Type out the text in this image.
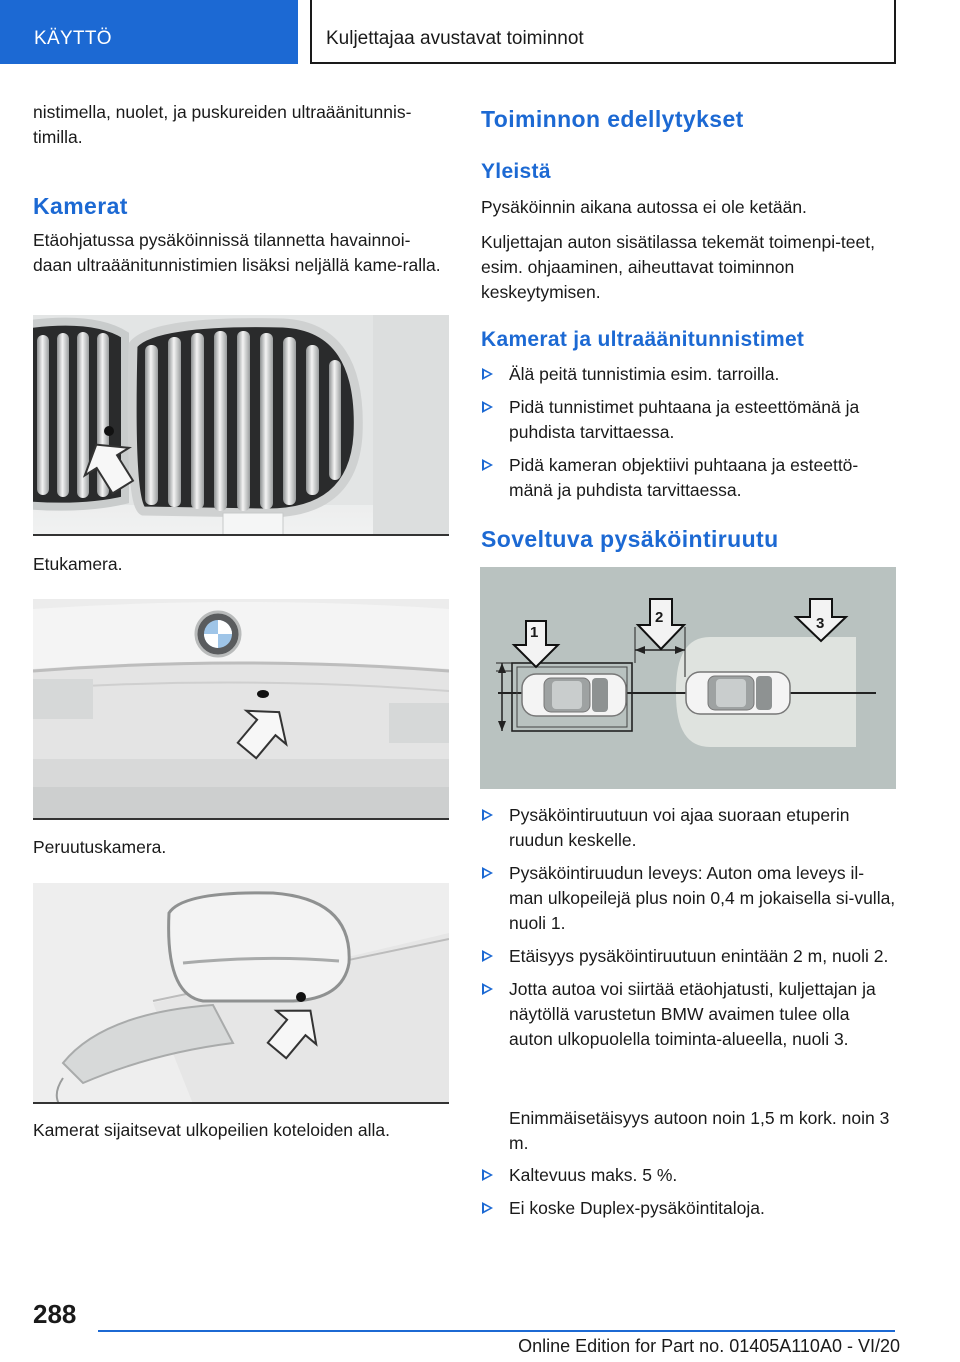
KÄYTTÖ	Kuljettajaa avustavat toiminnot

nistimella, nuolet, ja puskureiden ultraäänitunnis-timilla.

Kamerat

Etäohjatussa pysäköinnissä tilannetta havainnoi-daan ultraäänitunnistimien lisäksi neljällä kame-ralla.

Etukamera.
Peruutuskamera.
Kamerat sijaitsevat ulkopeilien koteloiden alla.
Toiminnon edellytykset
Yleistä

Pysäköinnin aikana autossa ei ole ketään.

Kuljettajan auton sisätilassa tekemät toimenpi-teet, esim. ohjaaminen, aiheuttavat toiminnon keskeytymisen.

Kamerat ja ultraäänitunnistimet
Älä peitä tunnistimia esim. tarroilla.
Pidä tunnistimet puhtaana ja esteettömänä ja puhdista tarvittaessa.
Pidä kameran objektiivi puhtaana ja esteettö-mänä ja puhdista tarvittaessa.
Soveltuva pysäköintiruutu
1
2	3
Pysäköintiruutuun voi ajaa suoraan etuperin ruudun keskelle.
Pysäköintiruudun leveys: Auton oma leveys il-man ulkopeilejä plus noin 0,4 m jokaisella si-vulla, nuoli 1.
Etäisyys pysäköintiruutuun enintään 2 m, nuoli 2.
Jotta autoa voi siirtää etäohjatusti, kuljettajan ja näytöllä varustetun BMW avaimen tulee olla auton ulkopuolella toiminta-alueella, nuoli 3.

Enimmäisetäisyys autoon noin 1,5 m kork. noin 3 m.

Kaltevuus maks. 5 %.
Ei koske Duplex-pysäköintitaloja.
288
Online Edition for Part no. 01405A110A0 - VI/20
